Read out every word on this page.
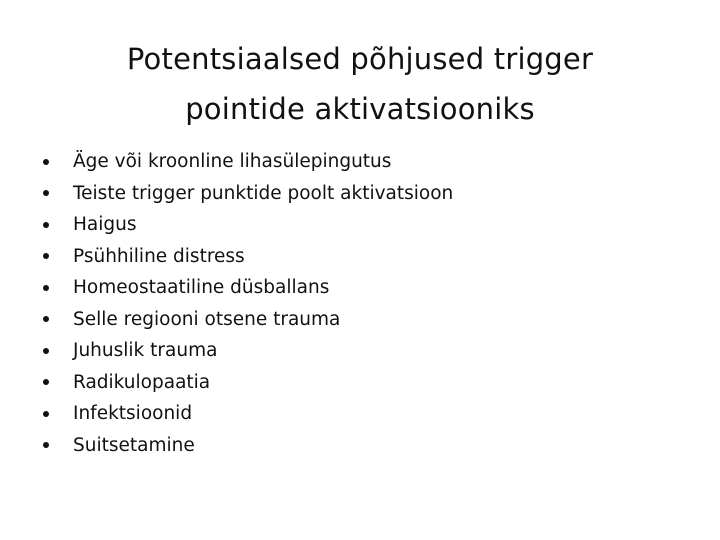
Potentsiaalsed põhjused trigger
pointide aktivatsiooniks
Äge või kroonline lihasülepingutus
Teiste trigger punktide poolt aktivatsioon
Haigus
Psühhiline distress
Homeostaatiline düsballans
Selle regiooni otsene trauma
Juhuslik trauma
Radikulopaatia
Infektsioonid
Suitsetamine
